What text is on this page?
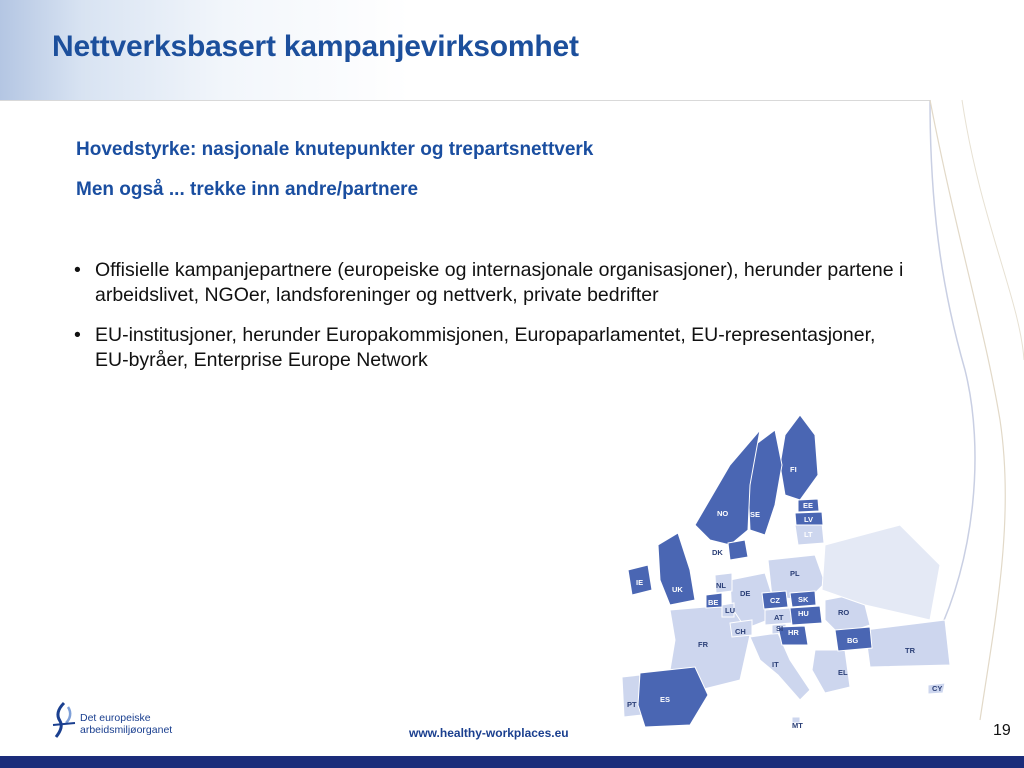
Nettverksbasert kampanjevirksomhet

Hovedstyrke: nasjonale knutepunkter og trepartsnettverk

Men også ... trekke inn andre/partnere

• Offisielle kampanjepartnere (europeiske og internasjonale organisasjoner), herunder partene i arbeidslivet, NGOer, landsforeninger og nettverk, private bedrifter
• EU-institusjoner, herunder Europakommisjonen, Europaparlamentet, EU-representasjoner, EU-byråer, Enterprise Europe Network
FI
NO	SE
EE
LV
LT
DK
IE
UK	NL
DE
PL
BE
LU
CZ SK
FR
AT
SI
HU	RO
CH	HR
BG
IT
TR
EL
PT
ES
CY
MT
Det europeiske
arbeidsmiljøorganet	www.healthy-workplaces.eu	19
